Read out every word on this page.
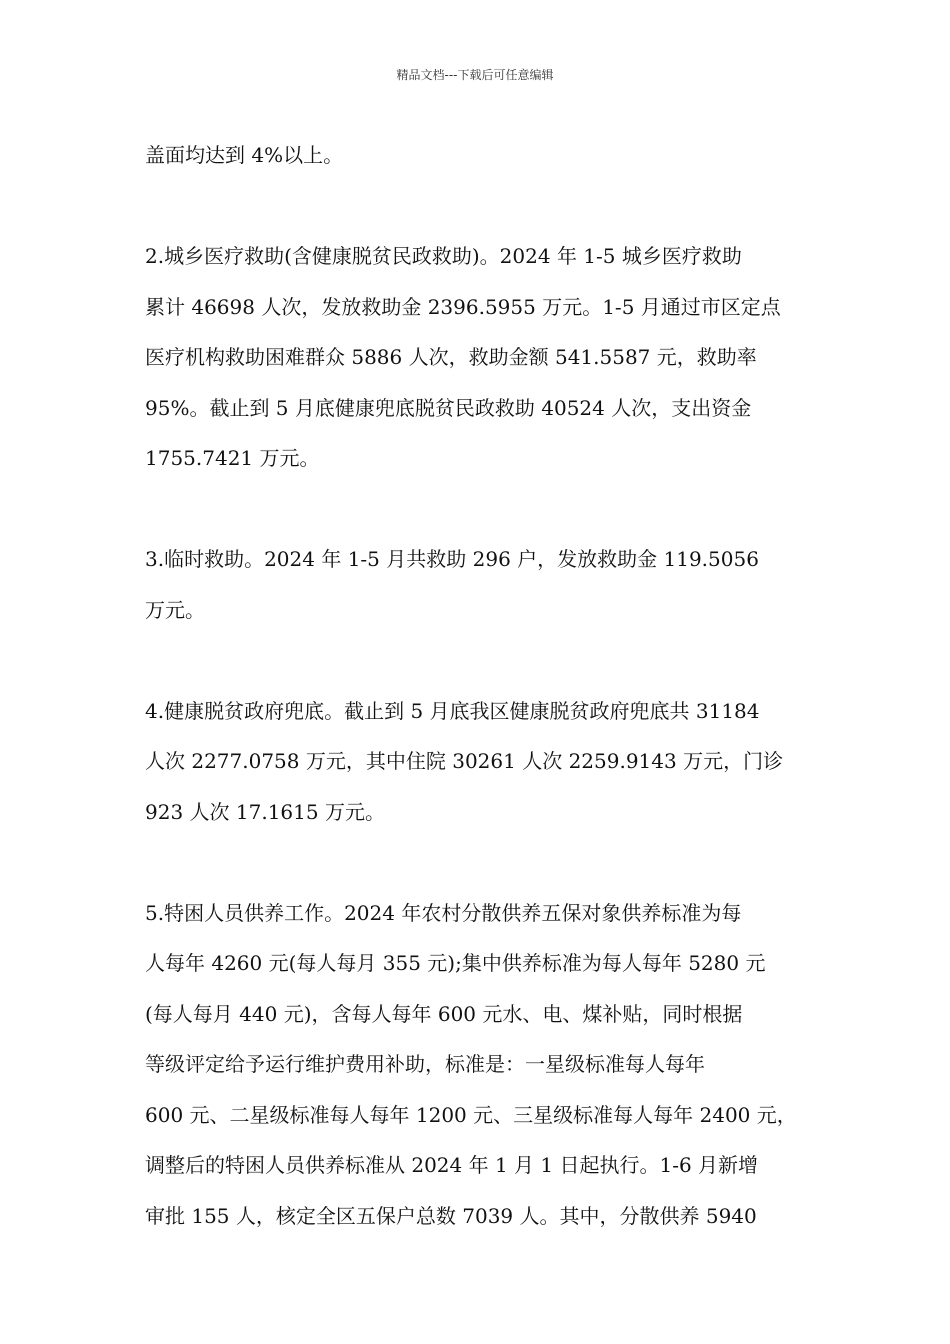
精品文档---下载后可任意编辑
盖面均达到 4%以上。
2.城乡医疗救助(含健康脱贫民政救助)。2024 年 1-5 城乡医疗救助
累计 46698 人次，发放救助金 2396.5955 万元。1-5 月通过市区定点
医疗机构救助困难群众 5886 人次，救助金额 541.5587 元，救助率
95%。截止到 5 月底健康兜底脱贫民政救助 40524 人次，支出资金
1755.7421 万元。
3.临时救助。2024 年 1-5 月共救助 296 户，发放救助金 119.5056
万元。
4.健康脱贫政府兜底。截止到 5 月底我区健康脱贫政府兜底共 31184
人次 2277.0758 万元，其中住院 30261 人次 2259.9143 万元，门诊
923 人次 17.1615 万元。
5.特困人员供养工作。2024 年农村分散供养五保对象供养标准为每
人每年 4260 元(每人每月 355 元);集中供养标准为每人每年 5280 元
(每人每月 440 元)，含每人每年 600 元水、电、煤补贴，同时根据
等级评定给予运行维护费用补助，标准是：一星级标准每人每年
600 元、二星级标准每人每年 1200 元、三星级标准每人每年 2400 元，
调整后的特困人员供养标准从 2024 年 1 月 1 日起执行。1-6 月新增
审批 155 人，核定全区五保户总数 7039 人。其中，分散供养 5940
